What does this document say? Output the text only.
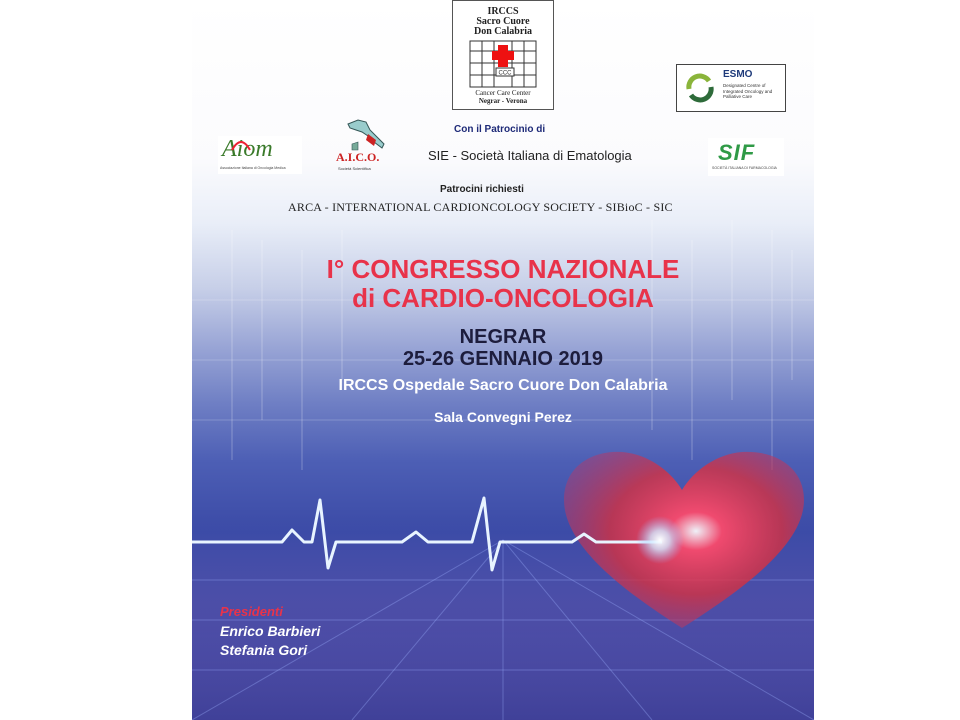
IRCCS
Sacro Cuore
Don Calabria
CCC
Cancer Care Center
Negrar - Verona
ESMO
Designated Centre of Integrated Oncology and Palliative Care
Aiom
Associazione Italiana di Oncologia Medica
A.I.C.O.
Società Scientifica
SIF
SOCIETÀ ITALIANA DI FARMACOLOGIA
Con il Patrocinio di
SIE - Società Italiana di Ematologia
Patrocini richiesti
ARCA - INTERNATIONAL CARDIONCOLOGY SOCIETY - SIBioC - SIC
I° CONGRESSO NAZIONALE
di CARDIO-ONCOLOGIA
NEGRAR
25-26 GENNAIO 2019
IRCCS Ospedale Sacro Cuore Don Calabria
Sala Convegni Perez
Presidenti
Enrico Barbieri
Stefania Gori
